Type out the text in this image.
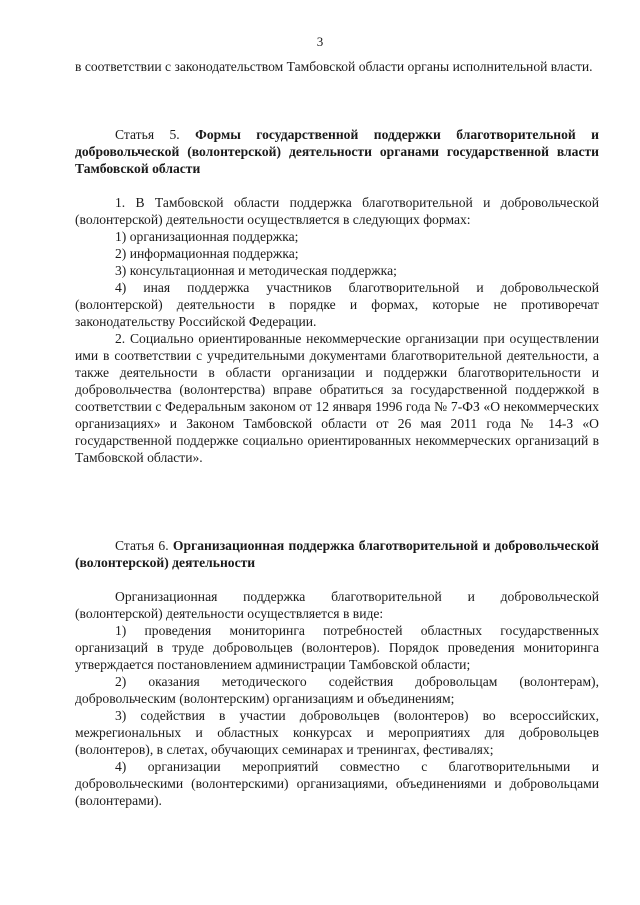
3

в соответствии с законодательством Тамбовской области органы исполнительной власти.

Статья 5. Формы государственной поддержки благотворительной и добровольческой (волонтерской) деятельности органами государственной власти Тамбовской области

1. В Тамбовской области поддержка благотворительной и добровольческой (волонтерской) деятельности осуществляется в следующих формах:

1) организационная поддержка;

2) информационная поддержка;

3) консультационная и методическая поддержка;

4) иная поддержка участников благотворительной и добровольческой (волонтерской) деятельности в порядке и формах, которые не противоречат законодательству Российской Федерации.

2. Социально ориентированные некоммерческие организации при осуществлении ими в соответствии с учредительными документами благотворительной деятельности, а также деятельности в области организации и поддержки благотворительности и добровольчества (волонтерства) вправе обратиться за государственной поддержкой в соответствии с Федеральным законом от 12 января 1996 года № 7-ФЗ «О некоммерческих организациях» и Законом Тамбовской области от 26 мая 2011 года № 14-З «О государственной поддержке социально ориентированных некоммерческих организаций в Тамбовской области».

Статья 6. Организационная поддержка благотворительной и добровольческой (волонтерской) деятельности

Организационная поддержка благотворительной и добровольческой (волонтерской) деятельности осуществляется в виде:

1) проведения мониторинга потребностей областных государственных организаций в труде добровольцев (волонтеров). Порядок проведения мониторинга утверждается постановлением администрации Тамбовской области;

2) оказания методического содействия добровольцам (волонтерам), добровольческим (волонтерским) организациям и объединениям;

3) содействия в участии добровольцев (волонтеров) во всероссийских, межрегиональных и областных конкурсах и мероприятиях для добровольцев (волонтеров), в слетах, обучающих семинарах и тренингах, фестивалях;

4) организации мероприятий совместно с благотворительными и добровольческими (волонтерскими) организациями, объединениями и добровольцами (волонтерами).
